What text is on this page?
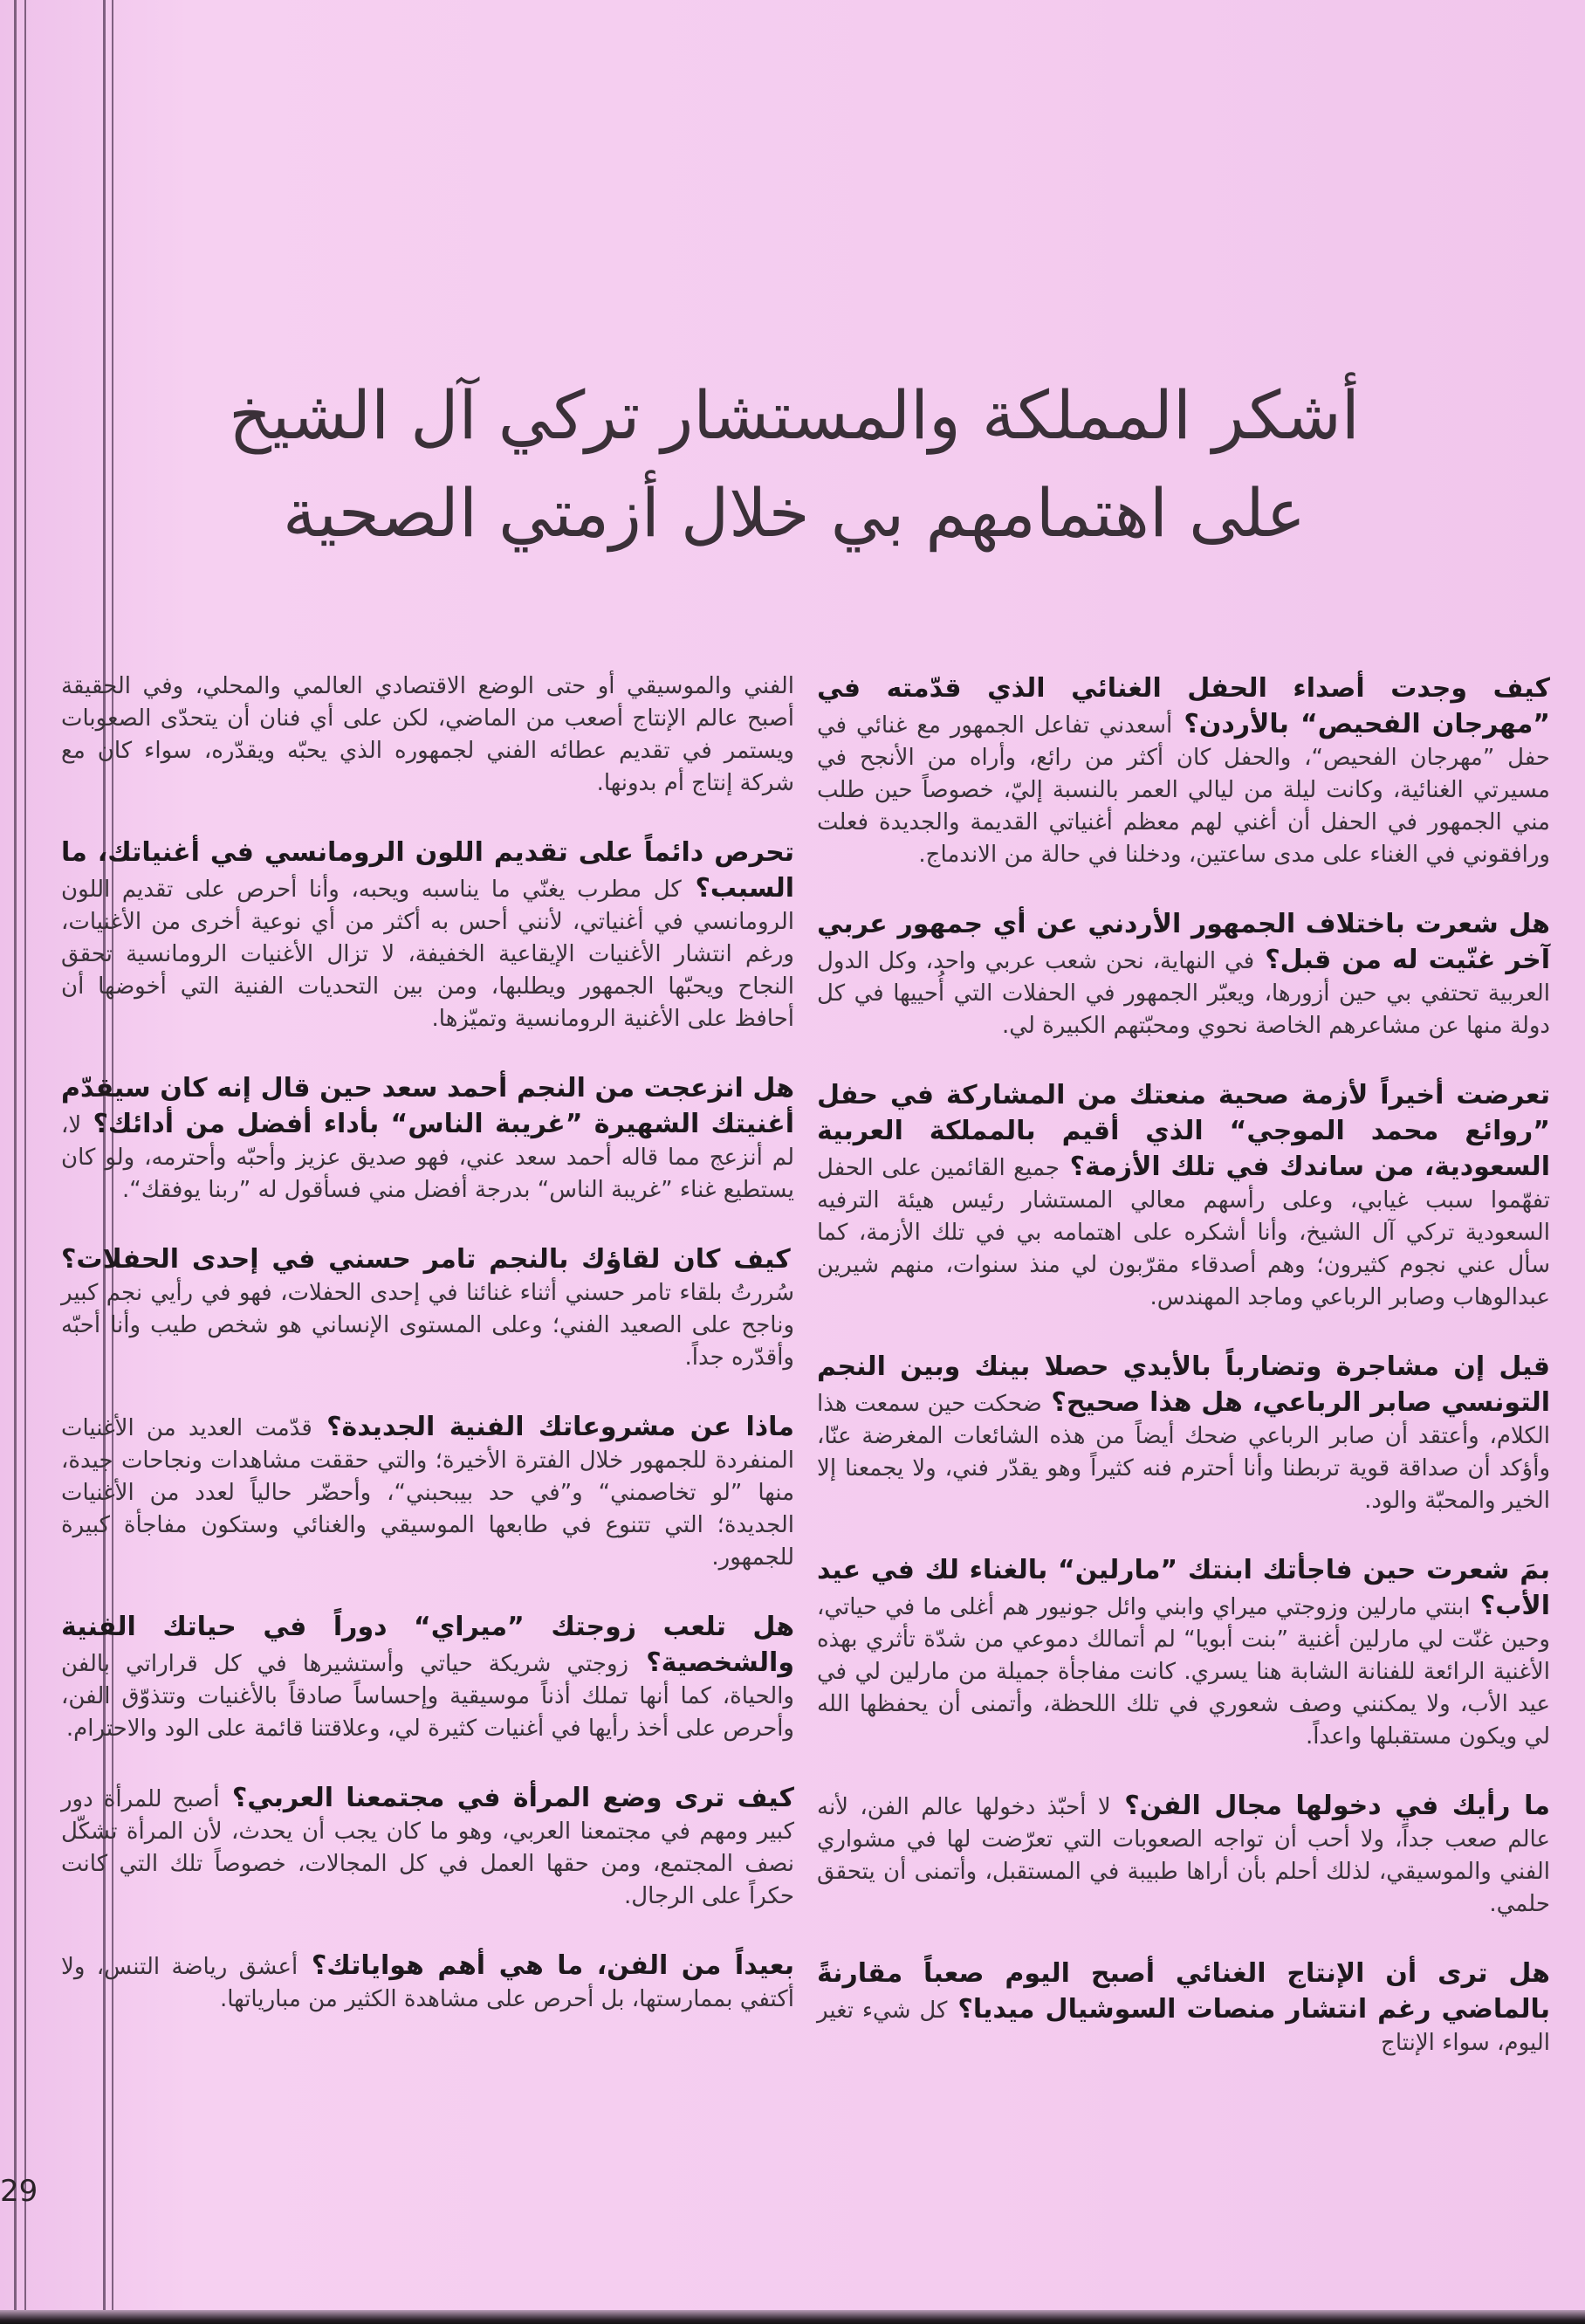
أشكر المملكة والمستشار تركي آل الشيخ
على اهتمامهم بي خلال أزمتي الصحية
كيف وجدت أصداء الحفل الغنائي الذي قدّمته في ”مهرجان الفحيص“ بالأردن؟ أسعدني تفاعل الجمهور مع غنائي في حفل ”مهرجان الفحيص“، والحفل كان أكثر من رائع، وأراه من الأنجح في مسيرتي الغنائية، وكانت ليلة من ليالي العمر بالنسبة إليّ، خصوصاً حين طلب مني الجمهور في الحفل أن أغني لهم معظم أغنياتي القديمة والجديدة فعلت ورافقوني في الغناء على مدى ساعتين، ودخلنا في حالة من الاندماج.
هل شعرت باختلاف الجمهور الأردني عن أي جمهور عربي آخر غنّيت له من قبل؟ في النهاية، نحن شعب عربي واحد، وكل الدول العربية تحتفي بي حين أزورها، ويعبّر الجمهور في الحفلات التي أُحييها في كل دولة منها عن مشاعرهم الخاصة نحوي ومحبّتهم الكبيرة لي.
تعرضت أخيراً لأزمة صحية منعتك من المشاركة في حفل ”روائع محمد الموجي“ الذي أقيم بالمملكة العربية السعودية، من ساندك في تلك الأزمة؟ جميع القائمين على الحفل تفهّموا سبب غيابي، وعلى رأسهم معالي المستشار رئيس هيئة الترفيه السعودية تركي آل الشيخ، وأنا أشكره على اهتمامه بي في تلك الأزمة، كما سأل عني نجوم كثيرون؛ وهم أصدقاء مقرّبون لي منذ سنوات، منهم شيرين عبدالوهاب وصابر الرباعي وماجد المهندس.
قيل إن مشاجرة وتضارباً بالأيدي حصلا بينك وبين النجم التونسي صابر الرباعي، هل هذا صحيح؟ ضحكت حين سمعت هذا الكلام، وأعتقد أن صابر الرباعي ضحك أيضاً من هذه الشائعات المغرضة عنّا، وأؤكد أن صداقة قوية تربطنا وأنا أحترم فنه كثيراً وهو يقدّر فني، ولا يجمعنا إلا الخير والمحبّة والود.
بمَ شعرت حين فاجأتك ابنتك ”مارلين“ بالغناء لك في عيد الأب؟ ابنتي مارلين وزوجتي ميراي وابني وائل جونيور هم أغلى ما في حياتي، وحين غنّت لي مارلين أغنية ”بنت أبويا“ لم أتمالك دموعي من شدّة تأثري بهذه الأغنية الرائعة للفنانة الشابة هنا يسري. كانت مفاجأة جميلة من مارلين لي في عيد الأب، ولا يمكنني وصف شعوري في تلك اللحظة، وأتمنى أن يحفظها الله لي ويكون مستقبلها واعداً.
ما رأيك في دخولها مجال الفن؟ لا أحبّذ دخولها عالم الفن، لأنه عالم صعب جداً، ولا أحب أن تواجه الصعوبات التي تعرّضت لها في مشواري الفني والموسيقي، لذلك أحلم بأن أراها طبيبة في المستقبل، وأتمنى أن يتحقق حلمي.
هل ترى أن الإنتاج الغنائي أصبح اليوم صعباً مقارنةً بالماضي رغم انتشار منصات السوشيال ميديا؟ كل شيء تغير اليوم، سواء الإنتاج
الفني والموسيقي أو حتى الوضع الاقتصادي العالمي والمحلي، وفي الحقيقة أصبح عالم الإنتاج أصعب من الماضي، لكن على أي فنان أن يتحدّى الصعوبات ويستمر في تقديم عطائه الفني لجمهوره الذي يحبّه ويقدّره، سواء كان مع شركة إنتاج أم بدونها.
تحرص دائماً على تقديم اللون الرومانسي في أغنياتك، ما السبب؟ كل مطرب يغنّي ما يناسبه ويحبه، وأنا أحرص على تقديم اللون الرومانسي في أغنياتي، لأنني أحس به أكثر من أي نوعية أخرى من الأغنيات، ورغم انتشار الأغنيات الإيقاعية الخفيفة، لا تزال الأغنيات الرومانسية تحقق النجاح ويحبّها الجمهور ويطلبها، ومن بين التحديات الفنية التي أخوضها أن أحافظ على الأغنية الرومانسية وتميّزها.
هل انزعجت من النجم أحمد سعد حين قال إنه كان سيقدّم أغنيتك الشهيرة ”غريبة الناس“ بأداء أفضل من أدائك؟ لا، لم أنزعج مما قاله أحمد سعد عني، فهو صديق عزيز وأحبّه وأحترمه، ولو كان يستطيع غناء ”غريبة الناس“ بدرجة أفضل مني فسأقول له ”ربنا يوفقك“.
كيف كان لقاؤك بالنجم تامر حسني في إحدى الحفلات؟ سُررتُ بلقاء تامر حسني أثناء غنائنا في إحدى الحفلات، فهو في رأيي نجم كبير وناجح على الصعيد الفني؛ وعلى المستوى الإنساني هو شخص طيب وأنا أحبّه وأقدّره جداً.
ماذا عن مشروعاتك الفنية الجديدة؟ قدّمت العديد من الأغنيات المنفردة للجمهور خلال الفترة الأخيرة؛ والتي حققت مشاهدات ونجاحات جيدة، منها ”لو تخاصمني“ و”في حد بيبحبني“، وأحضّر حالياً لعدد من الأغنيات الجديدة؛ التي تتنوع في طابعها الموسيقي والغنائي وستكون مفاجأة كبيرة للجمهور.
هل تلعب زوجتك ”ميراي“ دوراً في حياتك الفنية والشخصية؟ زوجتي شريكة حياتي وأستشيرها في كل قراراتي بالفن والحياة، كما أنها تملك أذناً موسيقية وإحساساً صادقاً بالأغنيات وتتذوّق الفن، وأحرص على أخذ رأيها في أغنيات كثيرة لي، وعلاقتنا قائمة على الود والاحترام.
كيف ترى وضع المرأة في مجتمعنا العربي؟ أصبح للمرأة دور كبير ومهم في مجتمعنا العربي، وهو ما كان يجب أن يحدث، لأن المرأة تشكّل نصف المجتمع، ومن حقها العمل في كل المجالات، خصوصاً تلك التي كانت حكراً على الرجال.
بعيداً من الفن، ما هي أهم هواياتك؟ أعشق رياضة التنس، ولا أكتفي بممارستها، بل أحرص على مشاهدة الكثير من مبارياتها.
29
